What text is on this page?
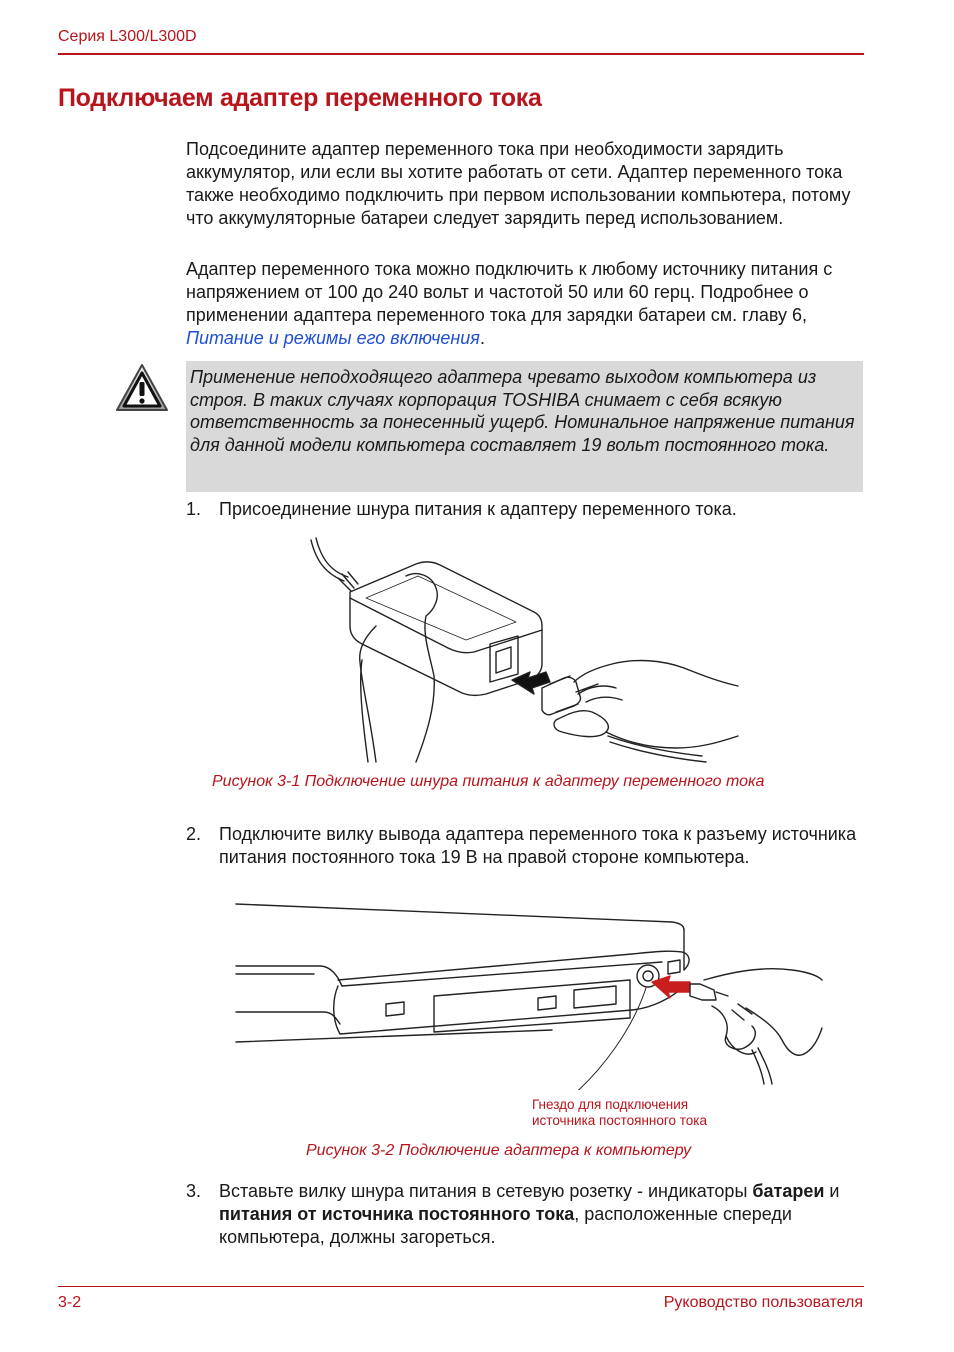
Серия L300/L300D
Подключаем адаптер переменного тока

Подсоедините адаптер переменного тока при необходимости зарядить аккумулятор, или если вы хотите работать от сети. Адаптер переменного тока также необходимо подключить при первом использовании компьютера, потому что аккумуляторные батареи следует зарядить перед использованием.

Адаптер переменного тока можно подключить к любому источнику питания с напряжением от 100 до 240 вольт и частотой 50 или 60 герц. Подробнее о применении адаптера переменного тока для зарядки батареи см. главу 6, Питание и режимы его включения.

Применение неподходящего адаптера чревато выходом компьютера из строя. В таких случаях корпорация TOSHIBA снимает с себя всякую ответственность за понесенный ущерб. Номинальное напряжение питания для данной модели компьютера составляет 19 вольт постоянного тока.

1. Присоединение шнура питания к адаптеру переменного тока.
Рисунок 3-1 Подключение шнура питания к адаптеру переменного тока
2. Подключите вилку вывода адаптера переменного тока к разъему источника питания постоянного тока 19 В на правой стороне компьютера.
Гнездо для подключения
источника постоянного тока
Рисунок 3-2 Подключение адаптера к компьютеру
3. Вставьте вилку шнура питания в сетевую розетку - индикаторы батареи и питания от источника постоянного тока, расположенные спереди компьютера, должны загореться.
3-2	Руководство пользователя
